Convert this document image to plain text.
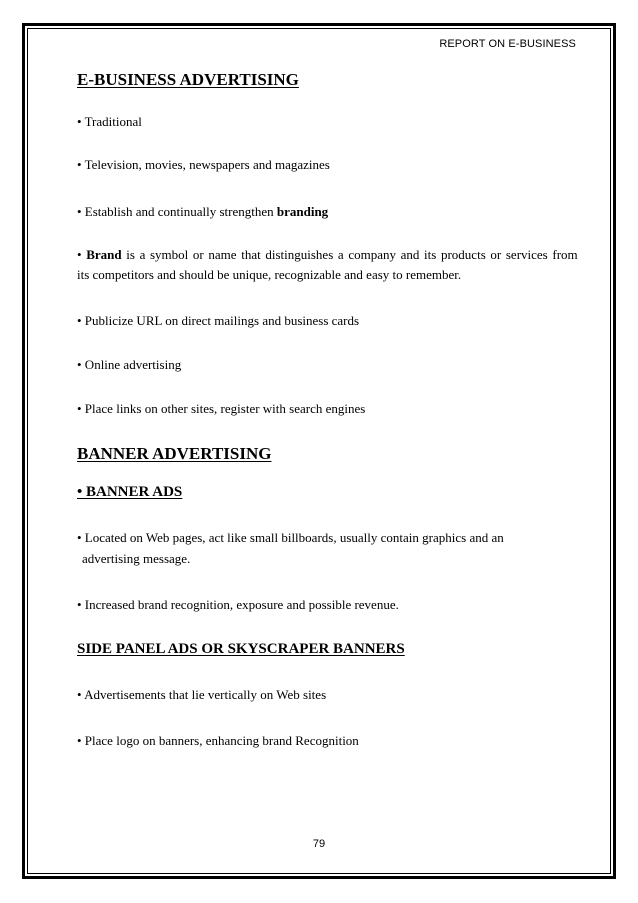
REPORT ON E-BUSINESS
E-BUSINESS ADVERTISING
• Traditional
• Television, movies, newspapers and magazines
• Establish and continually strengthen branding
• Brand is a symbol or name that distinguishes a company and its products or services from
its competitors and should be unique, recognizable and easy to remember.
• Publicize URL on direct mailings and business cards
• Online advertising
• Place links on other sites, register with search engines
BANNER ADVERTISING
• BANNER ADS
• Located on Web pages, act like small billboards, usually contain graphics and an
advertising message.
• Increased brand recognition, exposure and possible revenue.
SIDE PANEL ADS OR SKYSCRAPER BANNERS
• Advertisements that lie vertically on Web sites
• Place logo on banners, enhancing brand Recognition
79
